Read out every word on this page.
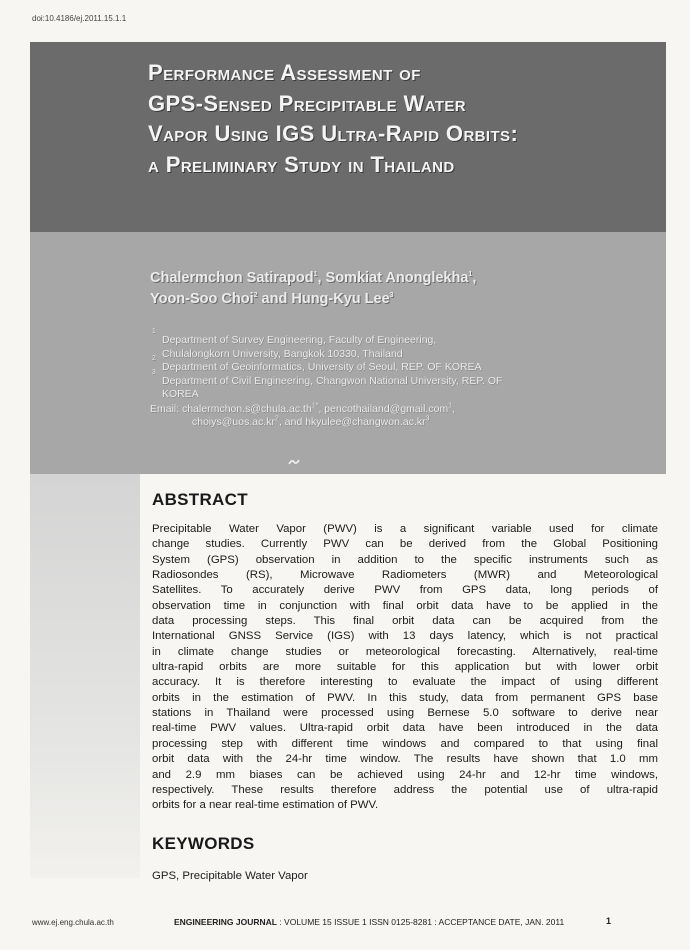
doi:10.4186/ej.2011.15.1.1
Performance Assessment of
GPS-Sensed Precipitable Water
Vapor Using IGS Ultra-Rapid Orbits:
a Preliminary Study in Thailand
Chalermchon Satirapod$^1$, Somkiat Anonglekha$^1$,
Yoon-Soo Choi$^2$ and Hung-Kyu Lee$^3$
Department of Survey Engineering, Faculty of Engineering,
Chulalongkorn University, Bangkok 10330, Thailand
2
Department of Geoinformatics, University of Seoul, REP. OF KOREA
3
Department of Civil Engineering, Changwon National University, REP. OF
KOREA
Email: $chalermchon.s@chula.ac.th^{1*}$, pencothailand@gmail.com$^1$,
$choiys@uos.ac.kr^2$, and $hkyulee@changwon.ac.kr^3$
ABSTRACT

Precipitable Water Vapor (PWV) is a significant variable used for climate
change studies. Currently PWV can be derived from the Global Positioning
System (GPS) observation in addition to the specific instruments such as
Radiosondes (RS), Microwave Radiometers (MWR) and Meteorological
Satellites. To accurately derive PWV from GPS data, long periods of
observation time in conjunction with final orbit data have to be applied in the
data processing steps. This final orbit data can be acquired from the
International GNSS Service (IGS) with 13 days latency, which is not practical
in climate change studies or meteorological forecasting. Alternatively, real-time
ultra-rapid orbits are more suitable for this application but with lower orbit
accuracy. It is therefore interesting to evaluate the impact of using different
orbits in the estimation of PWV. In this study, data from permanent GPS base
stations in Thailand were processed using Bernese 5.0 software to derive near
real-time PWV values. Ultra-rapid orbit data have been introduced in the data
processing step with different time windows and compared to that using final
orbit data with the 24-hr time window. The results have shown that 1.0 mm
and 2.9 mm biases can be achieved using 24-hr and 12-hr time windows,
respectively. These results therefore address the potential use of ultra-rapid
orbits for a near real-time estimation of PWV.

KEYWORDS

GPS, Precipitable Water Vapor

www.ej.eng.chula.ac.th	ENGINEERING JOURNAL : VOLUME 15 ISSUE 1 ISSN 0125-8281 : ACCEPTANCE DATE, JAN. 2011	1
